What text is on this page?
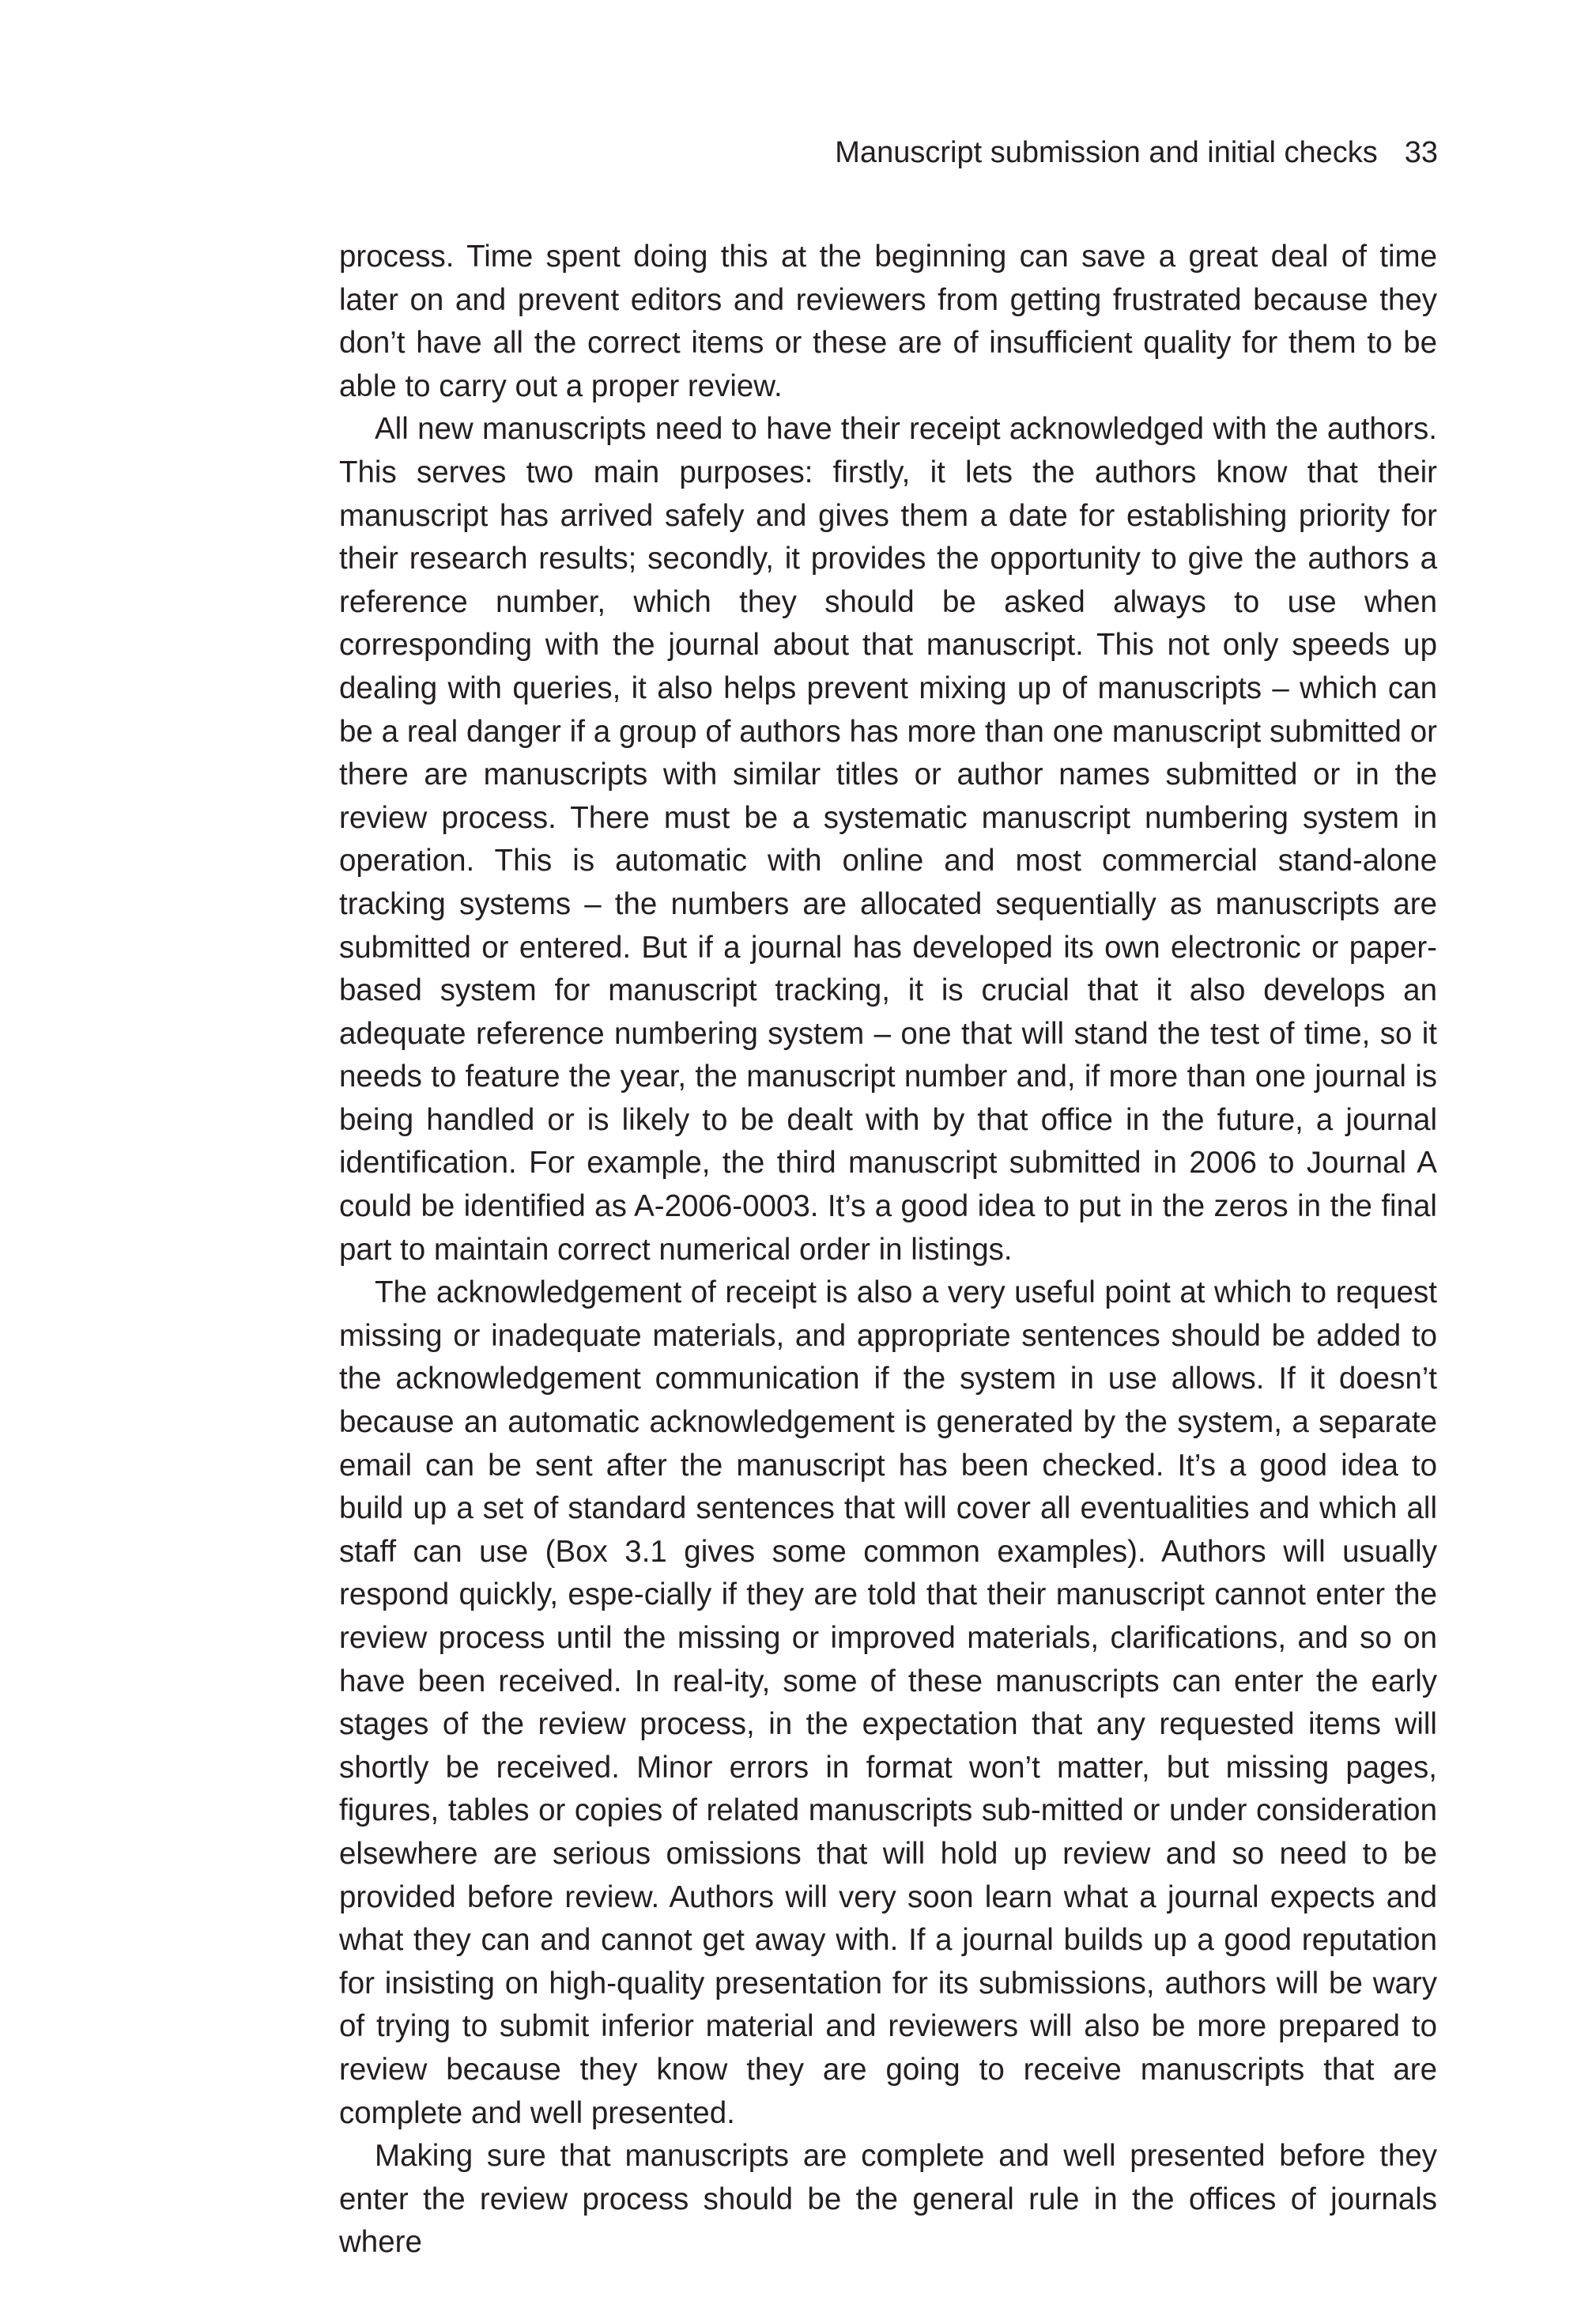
Manuscript submission and initial checks 33

process. Time spent doing this at the beginning can save a great deal of time later on and prevent editors and reviewers from getting frustrated because they don’t have all the correct items or these are of insufficient quality for them to be able to carry out a proper review.

All new manuscripts need to have their receipt acknowledged with the authors. This serves two main purposes: firstly, it lets the authors know that their manuscript has arrived safely and gives them a date for establishing priority for their research results; secondly, it provides the opportunity to give the authors a reference number, which they should be asked always to use when corresponding with the journal about that manuscript. This not only speeds up dealing with queries, it also helps prevent mixing up of manuscripts – which can be a real danger if a group of authors has more than one manuscript submitted or there are manuscripts with similar titles or author names submitted or in the review process. There must be a systematic manuscript numbering system in operation. This is automatic with online and most commercial stand-alone tracking systems – the numbers are allocated sequentially as manuscripts are submitted or entered. But if a journal has developed its own electronic or paper-based system for manuscript tracking, it is crucial that it also develops an adequate reference numbering system – one that will stand the test of time, so it needs to feature the year, the manuscript number and, if more than one journal is being handled or is likely to be dealt with by that office in the future, a journal identification. For example, the third manuscript submitted in 2006 to Journal A could be identified as A-2006-0003. It’s a good idea to put in the zeros in the final part to maintain correct numerical order in listings.

The acknowledgement of receipt is also a very useful point at which to request missing or inadequate materials, and appropriate sentences should be added to the acknowledgement communication if the system in use allows. If it doesn’t because an automatic acknowledgement is generated by the system, a separate email can be sent after the manuscript has been checked. It’s a good idea to build up a set of standard sentences that will cover all eventualities and which all staff can use (Box 3.1 gives some common examples). Authors will usually respond quickly, espe-cially if they are told that their manuscript cannot enter the review process until the missing or improved materials, clarifications, and so on have been received. In real-ity, some of these manuscripts can enter the early stages of the review process, in the expectation that any requested items will shortly be received. Minor errors in format won’t matter, but missing pages, figures, tables or copies of related manuscripts sub-mitted or under consideration elsewhere are serious omissions that will hold up review and so need to be provided before review. Authors will very soon learn what a journal expects and what they can and cannot get away with. If a journal builds up a good reputation for insisting on high-quality presentation for its submissions, authors will be wary of trying to submit inferior material and reviewers will also be more prepared to review because they know they are going to receive manuscripts that are complete and well presented.

Making sure that manuscripts are complete and well presented before they enter the review process should be the general rule in the offices of journals where
